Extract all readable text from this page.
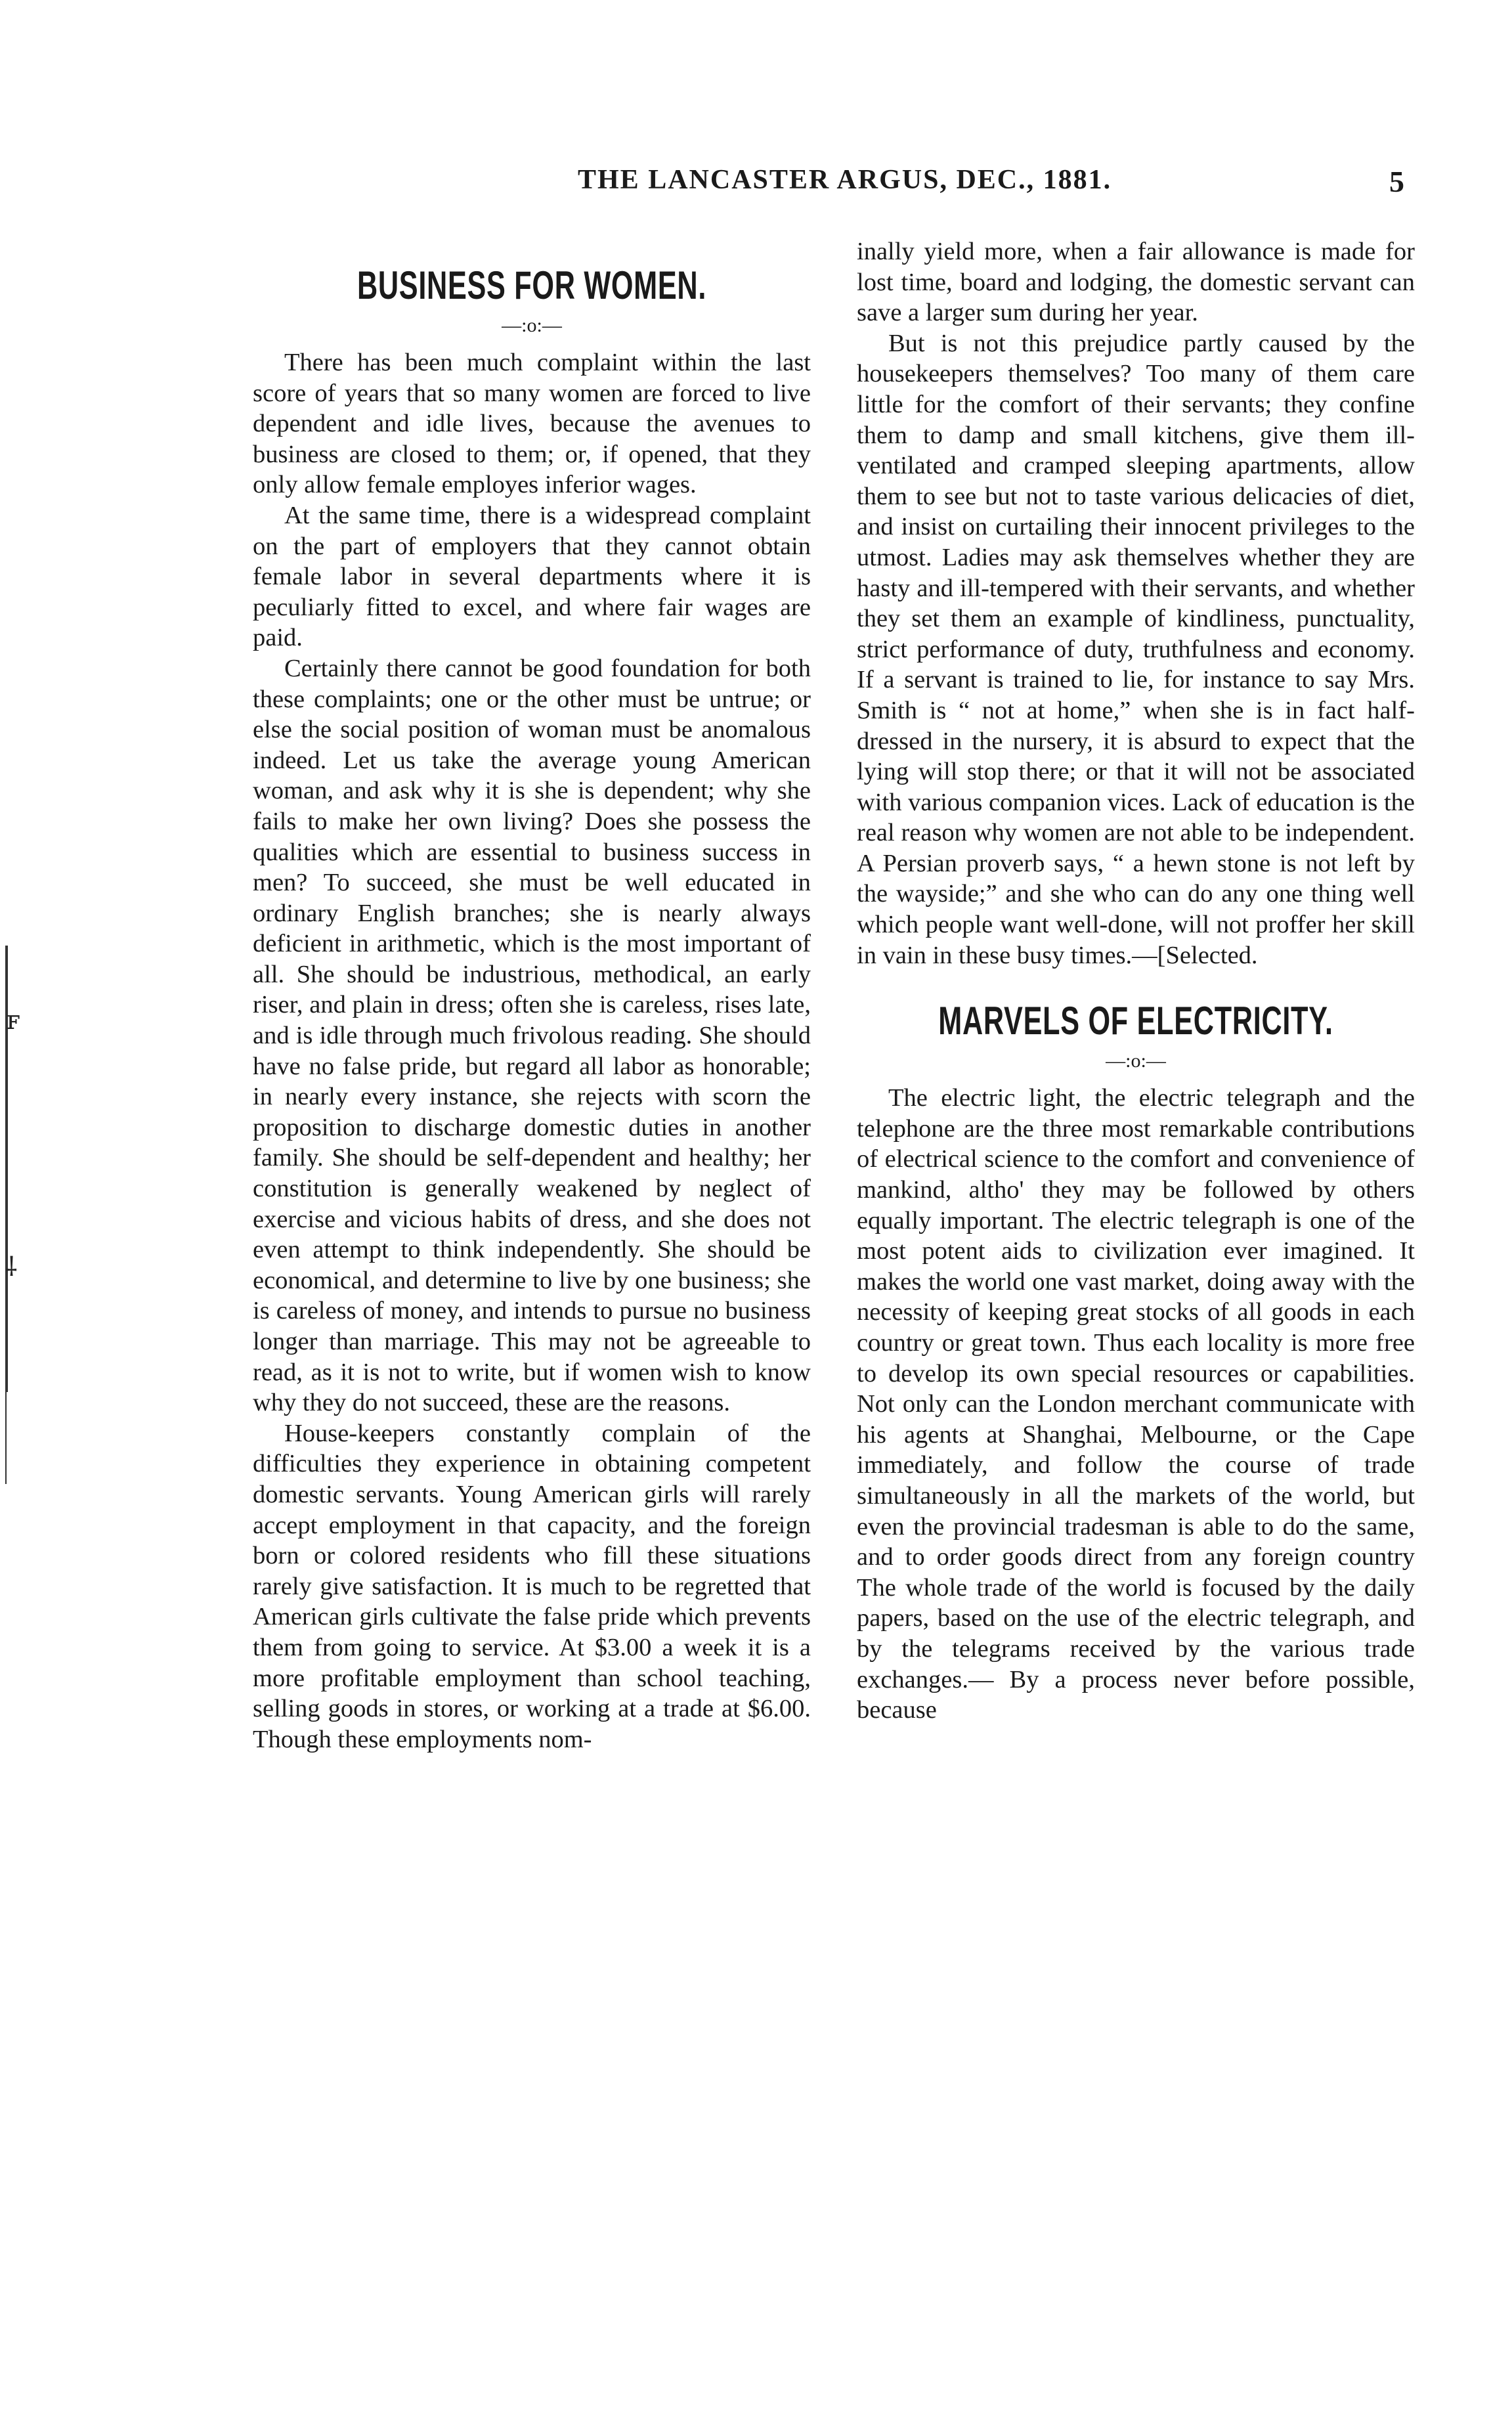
ꜰ
⸸
THE LANCASTER ARGUS, DEC., 1881.	5
BUSINESS FOR WOMEN.
—:o:—

There has been much complaint within the last score of years that so many women are forced to live dependent and idle lives, because the avenues to business are closed to them; or, if opened, that they only allow female employes inferior wages.

At the same time, there is a widespread complaint on the part of employers that they cannot obtain female labor in several departments where it is peculiarly fitted to excel, and where fair wages are paid.

Certainly there cannot be good foundation for both these complaints; one or the other must be untrue; or else the social position of woman must be anomalous indeed. Let us take the average young American woman, and ask why it is she is dependent; why she fails to make her own living? Does she possess the qualities which are essential to business success in men? To succeed, she must be well educated in ordinary English branches; she is nearly always deficient in arithmetic, which is the most important of all. She should be industrious, methodical, an early riser, and plain in dress; often she is careless, rises late, and is idle through much frivolous reading. She should have no false pride, but regard all labor as honorable; in nearly every instance, she rejects with scorn the proposition to discharge domestic duties in another family. She should be self-dependent and healthy; her constitution is generally weakened by neglect of exercise and vicious habits of dress, and she does not even attempt to think independently. She should be economical, and determine to live by one business; she is careless of money, and intends to pursue no business longer than marriage. This may not be agreeable to read, as it is not to write, but if women wish to know why they do not succeed, these are the reasons.

House-keepers constantly complain of the difficulties they experience in obtaining competent domestic servants. Young American girls will rarely accept employment in that capacity, and the foreign born or colored residents who fill these situations rarely give satisfaction. It is much to be regretted that American girls cultivate the false pride which prevents them from going to service. At $3.00 a week it is a more profitable employment than school teaching, selling goods in stores, or working at a trade at $6.00. Though these employments nom-

inally yield more, when a fair allowance is made for lost time, board and lodging, the domestic servant can save a larger sum during her year.

But is not this prejudice partly caused by the housekeepers themselves? Too many of them care little for the comfort of their servants; they confine them to damp and small kitchens, give them ill-ventilated and cramped sleeping apartments, allow them to see but not to taste various delicacies of diet, and insist on curtailing their innocent privileges to the utmost. Ladies may ask themselves whether they are hasty and ill-tempered with their servants, and whether they set them an example of kindliness, punctuality, strict performance of duty, truthfulness and economy. If a servant is trained to lie, for instance to say Mrs. Smith is “ not at home,” when she is in fact half-dressed in the nursery, it is absurd to expect that the lying will stop there; or that it will not be associated with various companion vices. Lack of education is the real reason why women are not able to be independent. A Persian proverb says, “ a hewn stone is not left by the wayside;” and she who can do any one thing well which people want well-done, will not proffer her skill in vain in these busy times.—[Selected.

MARVELS OF ELECTRICITY.
—:o:—

The electric light, the electric telegraph and the telephone are the three most remarkable contributions of electrical science to the comfort and convenience of mankind, altho' they may be followed by others equally important. The electric telegraph is one of the most potent aids to civilization ever imagined. It makes the world one vast market, doing away with the necessity of keeping great stocks of all goods in each country or great town. Thus each locality is more free to develop its own special resources or capabilities. Not only can the London merchant communicate with his agents at Shanghai, Melbourne, or the Cape immediately, and follow the course of trade simultaneously in all the markets of the world, but even the provincial tradesman is able to do the same, and to order goods direct from any foreign country The whole trade of the world is focused by the daily papers, based on the use of the electric telegraph, and by the telegrams received by the various trade exchanges.— By a process never before possible, because
